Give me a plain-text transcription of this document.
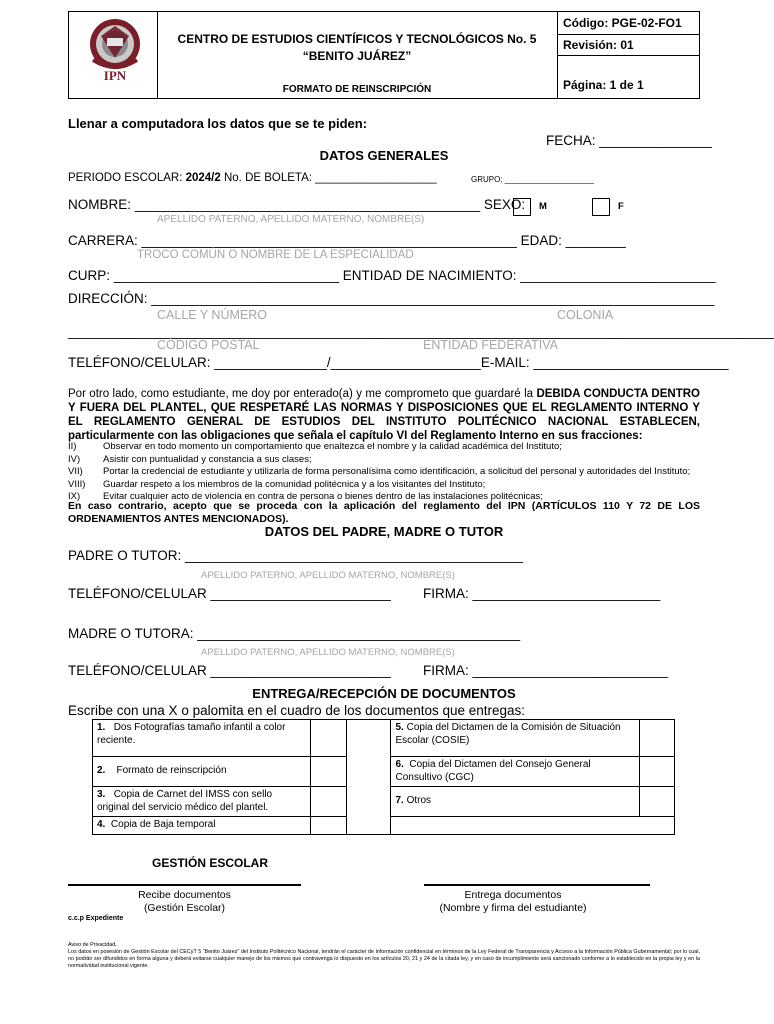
IPN
CENTRO DE ESTUDIOS CIENTÍFICOS Y TECNOLÓGICOS No. 5
“BENITO JUÁREZ”
FORMATO DE REINSCRIPCIÓN
Código: PGE-02-FO1
Revisión: 01
Página: 1 de 1
Llenar a computadora los datos que se te piden:
FECHA: _______________
DATOS GENERALES
PERIODO ESCOLAR: 2024/2 No. DE BOLETA: ___________________	GRUPO: ____________________
NOMBRE: ______________________________________________ SEXO: M	F
APELLIDO PATERNO, APELLIDO MATERNO, NOMBRE(S)
CARRERA: __________________________________________________ EDAD: ________
TROCO COMÚN O NOMBRE DE LA ESPECIALIDAD
CURP: ______________________________ ENTIDAD DE NACIMIENTO: __________________________
DIRECCIÓN: ___________________________________________________________________________
CALLE Y NÚMERO	COLONIA
______________________________________________________________________________________________
CÓDIGO POSTAL	ENTIDAD FEDERATIVA
TELÉFONO/CELULAR: _______________/____________________E-MAIL: __________________________
Por otro lado, como estudiante, me doy por enterado(a) y me comprometo que guardaré la DEBIDA CONDUCTA DENTRO Y FUERA DEL PLANTEL, QUE RESPETARÉ LAS NORMAS Y DISPOSICIONES QUE EL REGLAMENTO INTERNO Y EL REGLAMENTO GENERAL DE ESTUDIOS DEL INSTITUTO POLITÉCNICO NACIONAL ESTABLECEN, particularmente con las obligaciones que señala el capítulo VI del Reglamento Interno en sus fracciones:
II)	Observar en todo momento un comportamiento que enaltezca el nombre y la calidad académica del Instituto;
IV) Asistir con puntualidad y constancia a sus clases;
VII) Portar la credencial de estudiante y utilizarla de forma personalísima como identificación, a solicitud del personal y autoridades del Instituto;
VIII) Guardar respeto a los miembros de la comunidad politécnica y a los visitantes del Instituto;
IX) Evitar cualquier acto de violencia en contra de persona o bienes dentro de las instalaciones politécnicas;
En caso contrario, acepto que se proceda con la aplicación del reglamento del IPN (ARTÍCULOS 110 Y 72 DE LOS ORDENAMIENTOS ANTES MENCIONADOS).
DATOS DEL PADRE, MADRE O TUTOR
PADRE O TUTOR: _____________________________________________
APELLIDO PATERNO, APELLIDO MATERNO, NOMBRE(S)
TELÉFONO/CELULAR ________________________ FIRMA: _________________________
MADRE O TUTORA: ___________________________________________
APELLIDO PATERNO, APELLIDO MATERNO, NOMBRE(S)
TELÉFONO/CELULAR ________________________ FIRMA: __________________________
ENTREGA/RECEPCIÓN DE DOCUMENTOS
Escribe con una X o palomita en el cuadro de los documentos que entregas:
1. Dos Fotografías tamaño infantil a color reciente.			5. Copia del Dictamen de la Comisión de Situación Escolar (COSIE)	
2. Formato de reinscripción			6. Copia del Dictamen del Consejo General Consultivo (CGC)	
3. Copia de Carnet del IMSS con sello original del servicio médico del plantel.			7. Otros	
4. Copia de Baja temporal				
GESTIÓN ESCOLAR
Recibe documentos
(Gestión Escolar)
Entrega documentos
(Nombre y firma del estudiante)
c.c.p Expediente
Aviso de Privacidad.
Los datos en posesión de Gestión Escolar del CECyT 5 “Benito Juárez” del Instituto Politécnico Nacional, tendrán el carácter de información confidencial en términos de la Ley Federal de Transparencia y Acceso a la Información Pública Gubernamental; por lo cual, no podrán ser difundidos en forma alguna y deberá evitarse cualquier manejo de los mismos que contravenga lo dispuesto en los artículos 20, 21 y 24 de la citada ley, y en caso de incumplimiento será sancionado conforme a lo establecido en la propia ley y en la normatividad institucional vigente.
